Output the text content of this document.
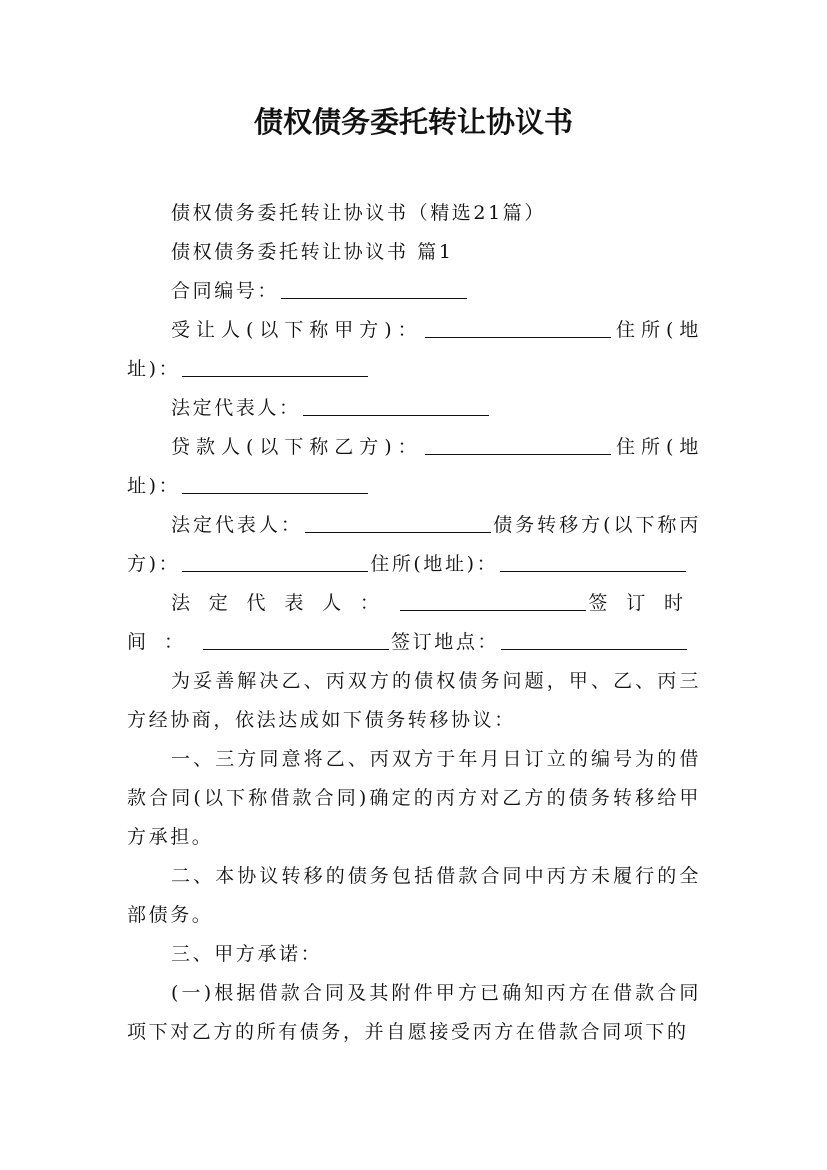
债权债务委托转让协议书

债权债务委托转让协议书（精选21篇）

债权债务委托转让协议书 篇1

合同编号：

受让人(以下称甲方)：	住所(地址)：

法定代表人：

贷款人(以下称乙方)：	住所(地址)：

法定代表人：	债务转移方(以下称丙方)：	住所(地址)：

法定代表人：	签订时间：	签订地点：

为妥善解决乙、丙双方的债权债务问题，甲、乙、丙三方经协商，依法达成如下债务转移协议：

一、三方同意将乙、丙双方于年月日订立的编号为的借款合同(以下称借款合同)确定的丙方对乙方的债务转移给甲方承担。

二、本协议转移的债务包括借款合同中丙方未履行的全部债务。

三、甲方承诺：

(一)根据借款合同及其附件甲方已确知丙方在借款合同项下对乙方的所有债务，并自愿接受丙方在借款合同项下的
